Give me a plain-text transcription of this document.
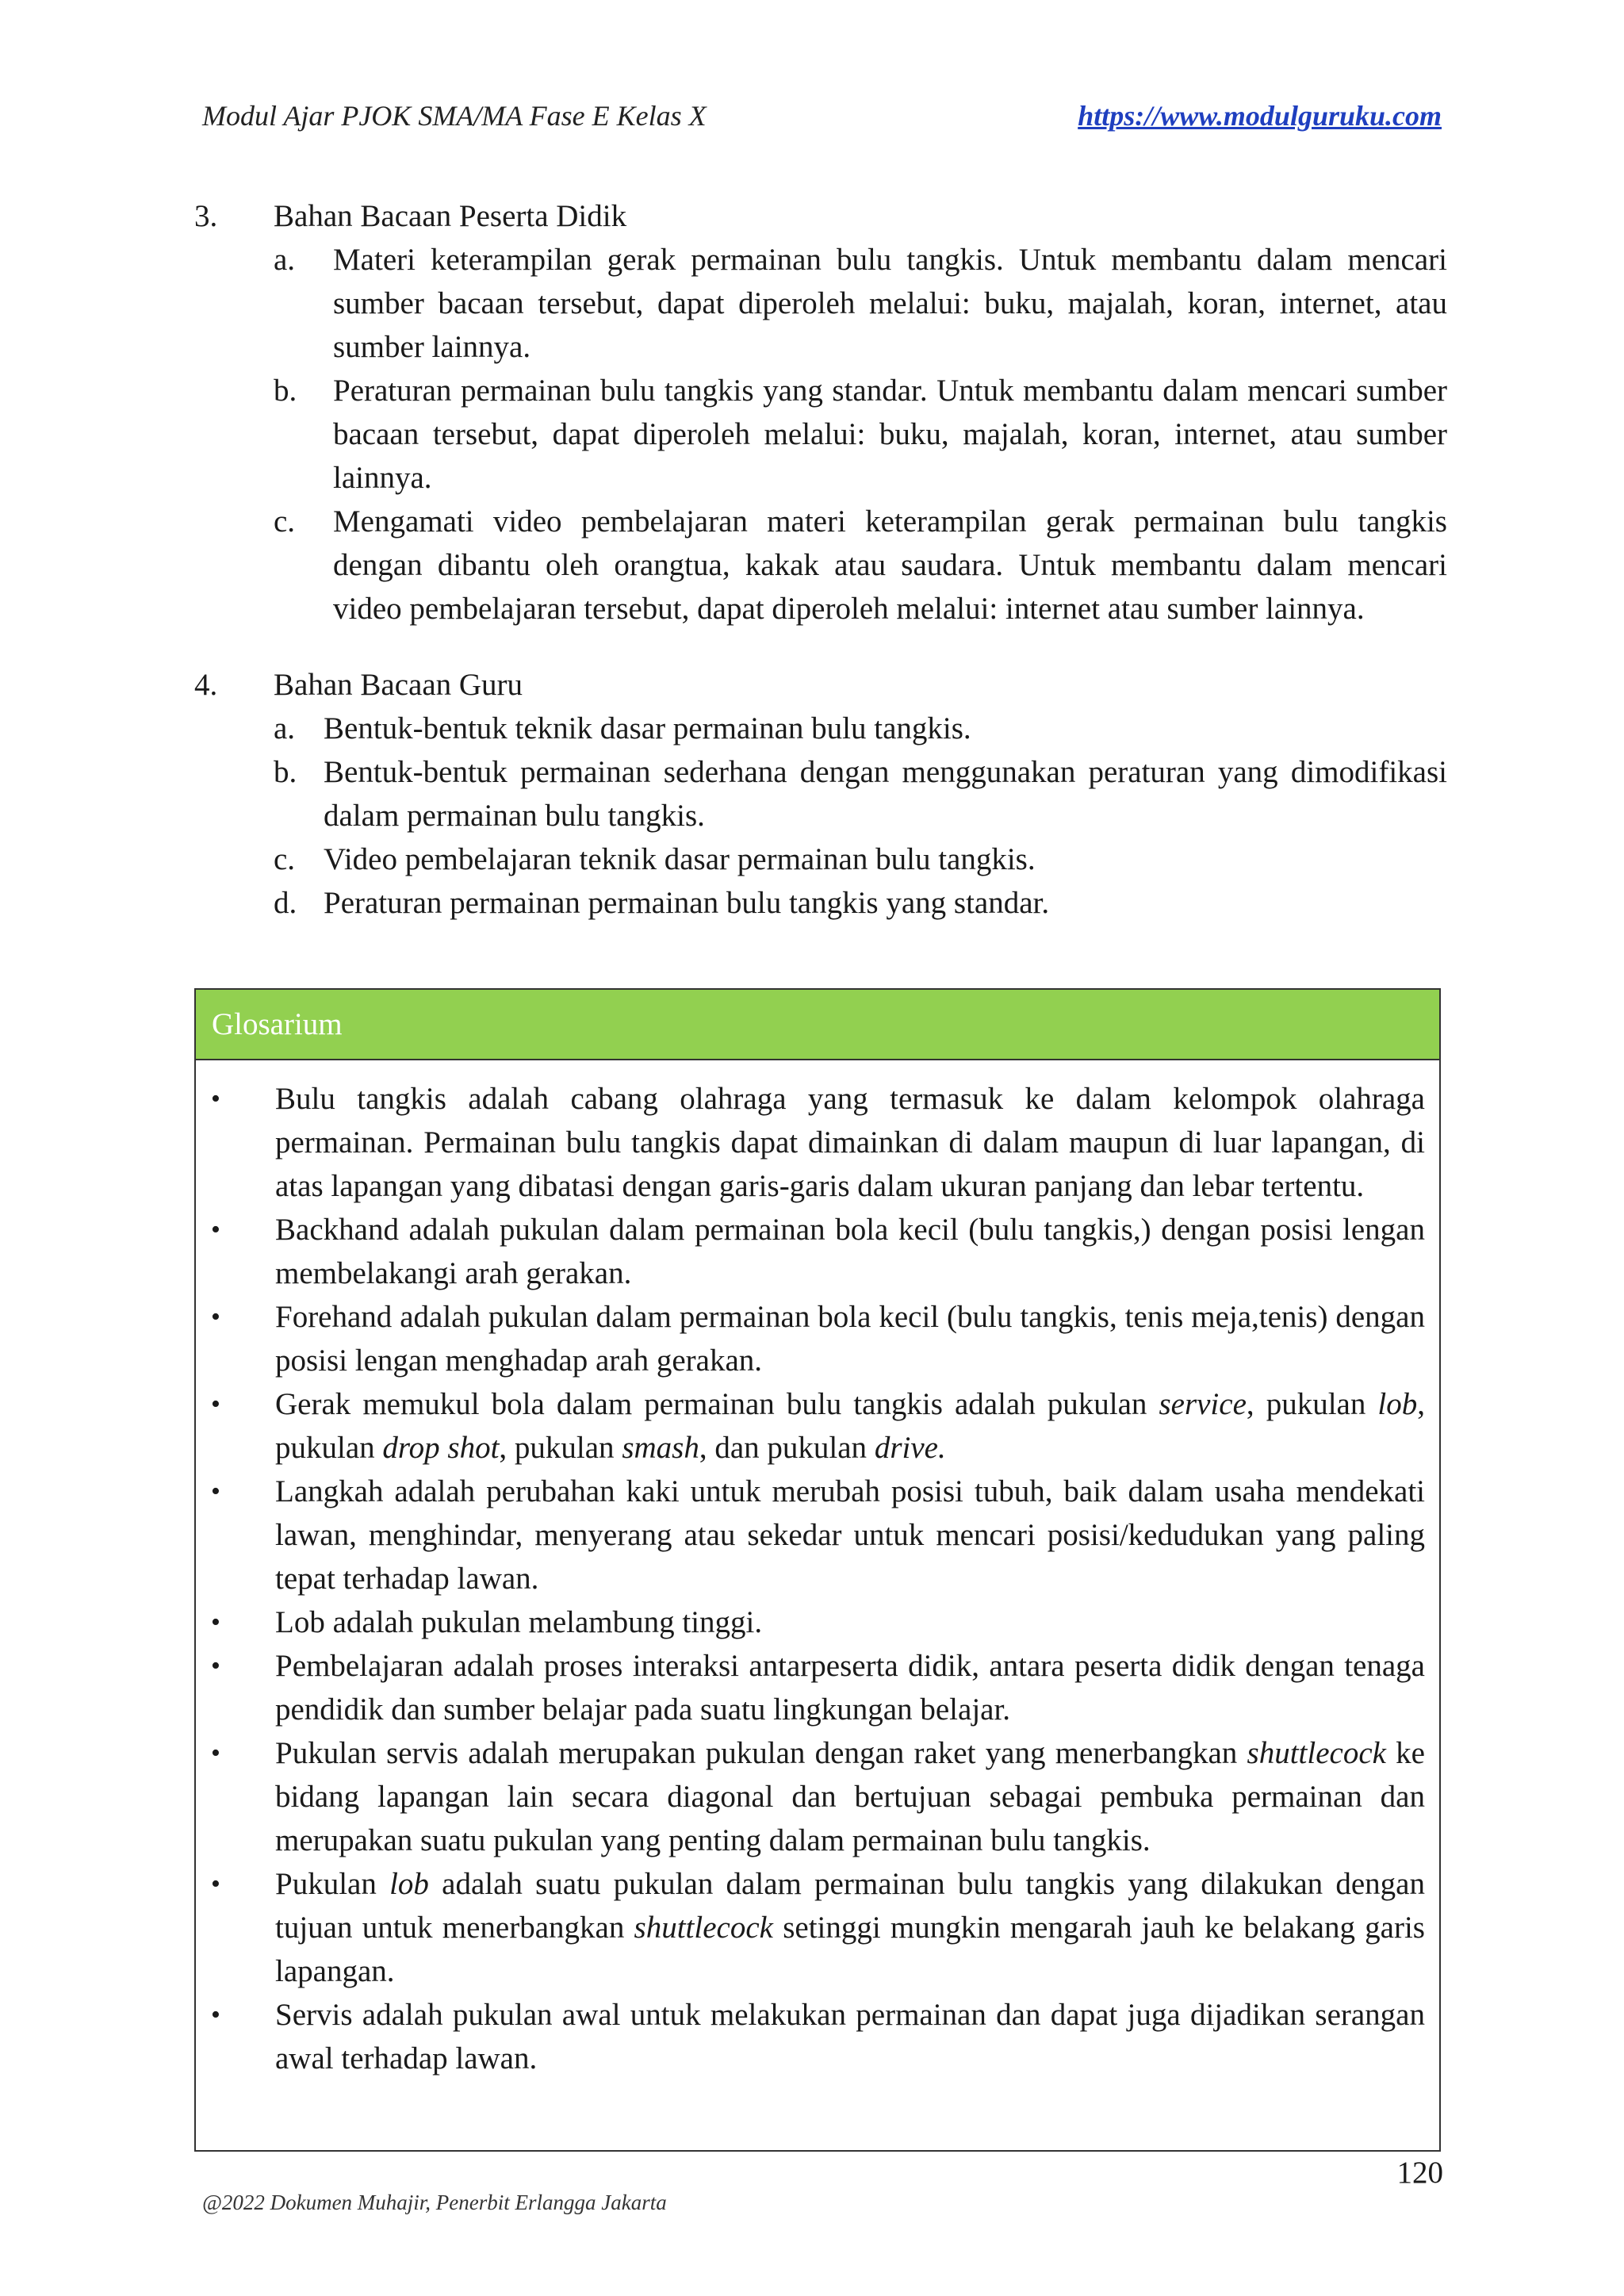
Modul Ajar PJOK SMA/MA Fase E Kelas X	https://www.modulguruku.com
3. Bahan Bacaan Peserta Didik
a. Materi keterampilan gerak permainan bulu tangkis. Untuk membantu dalam mencari sumber bacaan tersebut, dapat diperoleh melalui: buku, majalah, koran, internet, atau sumber lainnya.
b. Peraturan permainan bulu tangkis yang standar. Untuk membantu dalam mencari sumber bacaan tersebut, dapat diperoleh melalui: buku, majalah, koran, internet, atau sumber lainnya.
c. Mengamati video pembelajaran materi keterampilan gerak permainan bulu tangkis dengan dibantu oleh orangtua, kakak atau saudara. Untuk membantu dalam mencari video pembelajaran tersebut, dapat diperoleh melalui: internet atau sumber lainnya.
4. Bahan Bacaan Guru
a. Bentuk-bentuk teknik dasar permainan bulu tangkis.
b. Bentuk-bentuk permainan sederhana dengan menggunakan peraturan yang dimodifikasi dalam permainan bulu tangkis.
c. Video pembelajaran teknik dasar permainan bulu tangkis.
d. Peraturan permainan permainan bulu tangkis yang standar.
Glosarium
• Bulu tangkis adalah cabang olahraga yang termasuk ke dalam kelompok olahraga permainan. Permainan bulu tangkis dapat dimainkan di dalam maupun di luar lapangan, di atas lapangan yang dibatasi dengan garis-garis dalam ukuran panjang dan lebar tertentu.
• Backhand adalah pukulan dalam permainan bola kecil (bulu tangkis,) dengan posisi lengan membelakangi arah gerakan.
• Forehand adalah pukulan dalam permainan bola kecil (bulu tangkis, tenis meja,tenis) dengan posisi lengan menghadap arah gerakan.
• Gerak memukul bola dalam permainan bulu tangkis adalah pukulan service, pukulan lob, pukulan drop shot, pukulan smash, dan pukulan drive.
• Langkah adalah perubahan kaki untuk merubah posisi tubuh, baik dalam usaha mendekati lawan, menghindar, menyerang atau sekedar untuk mencari posisi/kedudukan yang paling tepat terhadap lawan.
• Lob adalah pukulan melambung tinggi.
• Pembelajaran adalah proses interaksi antarpeserta didik, antara peserta didik dengan tenaga pendidik dan sumber belajar pada suatu lingkungan belajar.
• Pukulan servis adalah merupakan pukulan dengan raket yang menerbangkan shuttlecock ke bidang lapangan lain secara diagonal dan bertujuan sebagai pembuka permainan dan merupakan suatu pukulan yang penting dalam permainan bulu tangkis.
• Pukulan lob adalah suatu pukulan dalam permainan bulu tangkis yang dilakukan dengan tujuan untuk menerbangkan shuttlecock setinggi mungkin mengarah jauh ke belakang garis lapangan.
• Servis adalah pukulan awal untuk melakukan permainan dan dapat juga dijadikan serangan awal terhadap lawan.
120
@2022 Dokumen Muhajir, Penerbit Erlangga Jakarta
